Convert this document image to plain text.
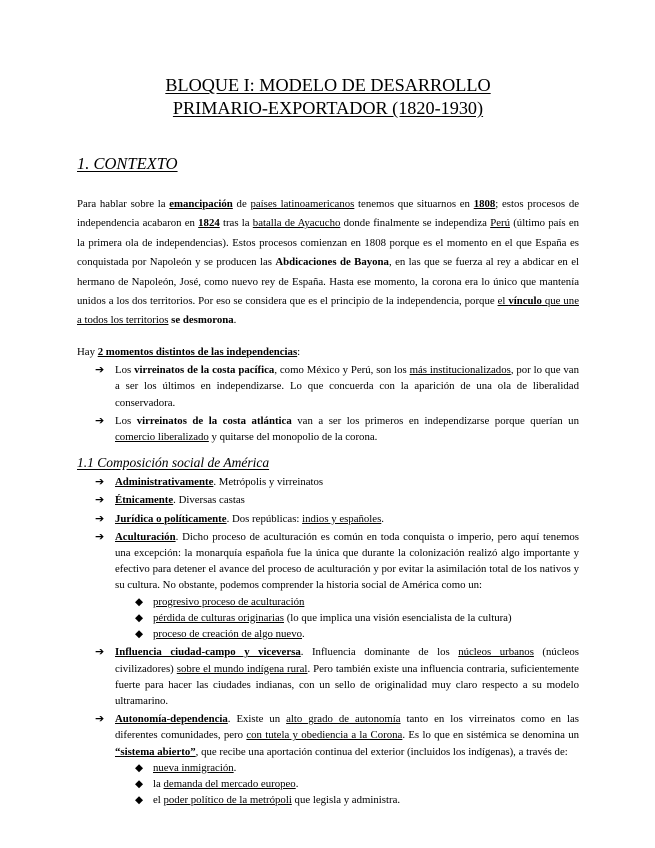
BLOQUE I: MODELO DE DESARROLLO
PRIMARIO-EXPORTADOR (1820-1930)
1. CONTEXTO

Para hablar sobre la emancipación de países latinoamericanos tenemos que situarnos en 1808; estos procesos de independencia acabaron en 1824 tras la batalla de Ayacucho donde finalmente se independiza Perú (último país en la primera ola de independencias). Estos procesos comienzan en 1808 porque es el momento en el que España es conquistada por Napoleón y se producen las Abdicaciones de Bayona, en las que se fuerza al rey a abdicar en el hermano de Napoleón, José, como nuevo rey de España. Hasta ese momento, la corona era lo único que mantenía unidos a los dos territorios. Por eso se considera que es el principio de la independencia, porque el vínculo que une a todos los territorios se desmorona.

Hay 2 momentos distintos de las independencias:

➔ Los virreinatos de la costa pacífica, como México y Perú, son los más institucionalizados, por lo que van a ser los últimos en independizarse. Lo que concuerda con la aparición de una ola de liberalidad conservadora.
➔ Los virreinatos de la costa atlántica van a ser los primeros en independizarse porque querían un comercio liberalizado y quitarse del monopolio de la corona.
1.1 Composición social de América
➔ Administrativamente. Metrópolis y virreinatos
➔ Étnicamente. Diversas castas
➔ Jurídica o políticamente. Dos repúblicas: indios y españoles.
➔ Aculturación. Dicho proceso de aculturación es común en toda conquista o imperio, pero aquí tenemos una excepción: la monarquía española fue la única que durante la colonización realizó algo importante y efectivo para detener el avance del proceso de aculturación y por evitar la asimilación total de los nativos y su cultura. No obstante, podemos comprender la historia social de América como un:
◆ progresivo proceso de aculturación
◆ pérdida de culturas originarias (lo que implica una visión esencialista de la cultura)
◆ proceso de creación de algo nuevo.
➔ Influencia ciudad-campo y viceversa. Influencia dominante de los núcleos urbanos (núcleos civilizadores) sobre el mundo indígena rural. Pero también existe una influencia contraria, suficientemente fuerte para hacer las ciudades indianas, con un sello de originalidad muy claro respecto a su modelo ultramarino.
➔ Autonomía-dependencia. Existe un alto grado de autonomía tanto en los virreinatos como en las diferentes comunidades, pero con tutela y obediencia a la Corona. Es lo que en sistémica se denomina un “sistema abierto”, que recibe una aportación continua del exterior (incluidos los indígenas), a través de:
◆ nueva inmigración.
◆ la demanda del mercado europeo.
◆ el poder político de la metrópoli que legisla y administra.
